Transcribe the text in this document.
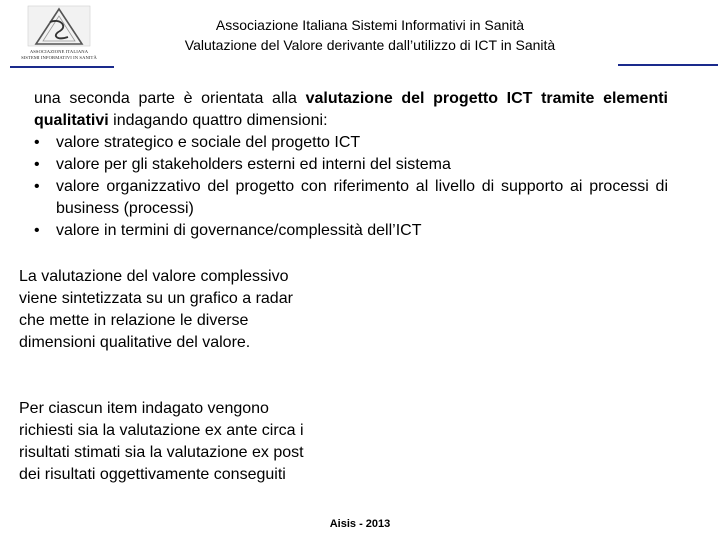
ASSOCIAZIONE ITALIANA
SISTEMI INFORMATIVI IN SANITÀ
Associazione Italiana Sistemi Informativi in Sanità
Valutazione del Valore derivante dall’utilizzo di ICT in Sanità
una seconda parte è orientata alla valutazione del progetto ICT tramite elementi qualitativi indagando quattro dimensioni:
•	valore strategico e sociale del progetto ICT
•	valore per gli stakeholders esterni ed interni del sistema
•	valore organizzativo del progetto con riferimento al livello di supporto ai processi di business (processi)
•	valore in termini di governance/complessità dell’ICT
La valutazione del valore complessivo viene sintetizzata su un grafico a radar che mette in relazione le diverse dimensioni qualitative del valore.
Per ciascun item indagato vengono richiesti sia la valutazione ex ante circa i risultati stimati sia la valutazione ex post dei risultati oggettivamente conseguiti
Aisis - 2013
